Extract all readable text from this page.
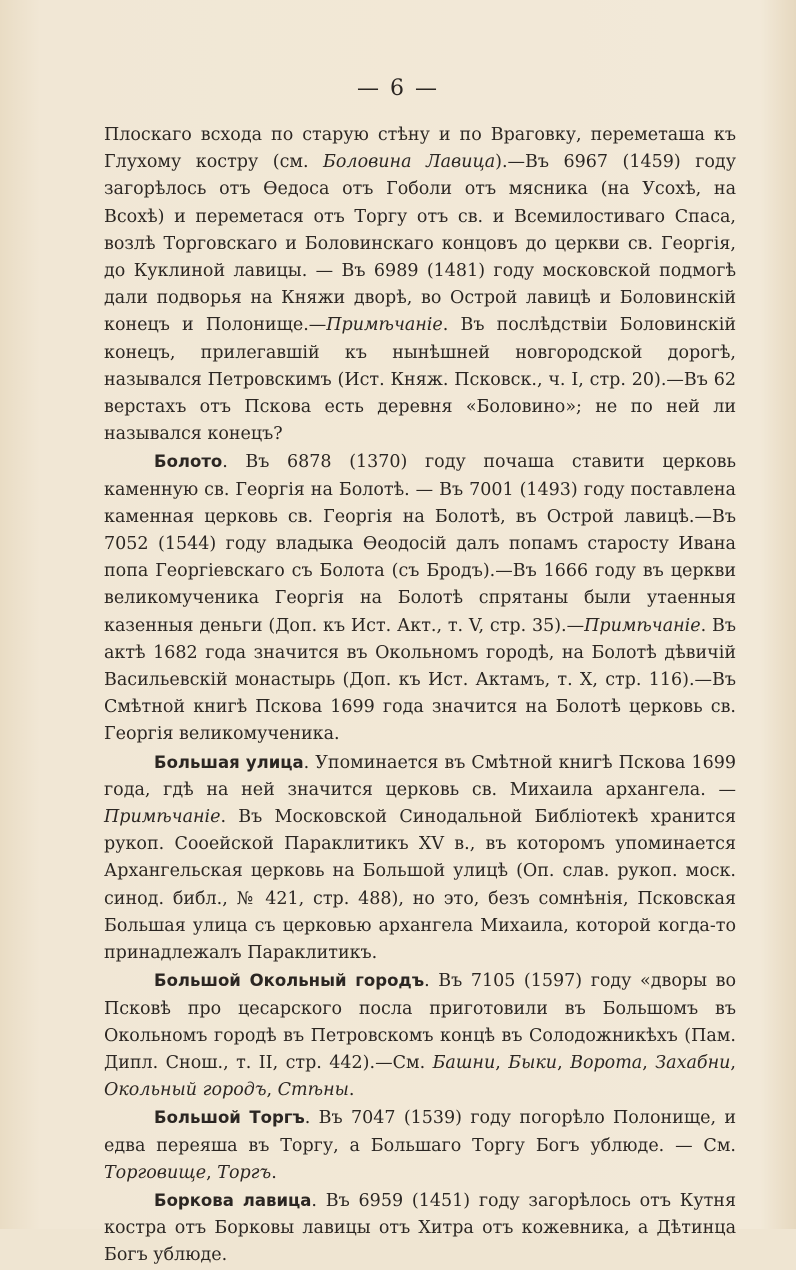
— 6 —

Плоскаго всхода по старую стѣну и по Враговку, переметаша къ Глухому костру (см. Боловина Лавица).—Въ 6967 (1459) году загорѣлось отъ Ѳедоса отъ Гоболи отъ мясника (на Усохѣ, на Всохѣ) и переметася отъ Торгу отъ св. и Всемилостиваго Спаса, возлѣ Торговскаго и Боловинскаго концовъ до церкви св. Георгія, до Куклиной лавицы. — Въ 6989 (1481) году московской подмогѣ дали подворья на Княжи дворѣ, во Острой лавицѣ и Боловинскій конецъ и Полонище.—Примѣчаніе. Въ послѣдствіи Боловинскій конецъ, прилегавшій къ нынѣшней новгородской дорогѣ, назывался Петровскимъ (Ист. Княж. Псковск., ч. I, стр. 20).—Въ 62 верстахъ отъ Пскова есть деревня «Боловино»; не по ней ли назывался конецъ?

Болото. Въ 6878 (1370) году почаша ставити церковь каменную св. Георгія на Болотѣ. — Въ 7001 (1493) году поставлена каменная церковь св. Георгія на Болотѣ, въ Острой лавицѣ.—Въ 7052 (1544) году владыка Ѳеодосій далъ попамъ старосту Ивана попа Георгіевскаго съ Болота (съ Бродъ).—Въ 1666 году въ церкви великомученика Георгія на Болотѣ спрятаны были утаенныя казенныя деньги (Доп. къ Ист. Акт., т. V, стр. 35).—Примѣчаніе. Въ актѣ 1682 года значится въ Окольномъ городѣ, на Болотѣ дѣвичій Васильевскій монастырь (Доп. къ Ист. Актамъ, т. X, стр. 116).—Въ Смѣтной книгѣ Пскова 1699 года значится на Болотѣ церковь св. Георгія великомученика.

Большая улица. Упоминается въ Смѣтной книгѣ Пскова 1699 года, гдѣ на ней значится церковь св. Михаила архангела. — Примѣчаніе. Въ Московской Синодальной Библіотекѣ хранится рукоп. Сооейской Параклитикъ XV в., въ которомъ упоминается Архангельская церковь на Большой улицѣ (Оп. слав. рукоп. моск. синод. библ., № 421, стр. 488), но это, безъ сомнѣнія, Псковская Большая улица съ церковью архангела Михаила, которой когда-то принадлежалъ Параклитикъ.

Большой Окольный городъ. Въ 7105 (1597) году «дворы во Псковѣ про цесарского посла приготовили въ Большомъ въ Окольномъ городѣ въ Петровскомъ концѣ въ Солодожникѣхъ (Пам. Дипл. Снош., т. II, стр. 442).—См. Башни, Быки, Ворота, Захабни, Окольный городъ, Стѣны.

Большой Торгъ. Въ 7047 (1539) году погорѣло Полонище, и едва переяша въ Торгу, а Большаго Торгу Богъ ублюде. — См. Торговище, Торгъ.

Боркова лавица. Въ 6959 (1451) году загорѣлось отъ Кутня костра отъ Борковы лавицы отъ Хитра отъ кожевника, а Дѣтинца Богъ ублюде.
